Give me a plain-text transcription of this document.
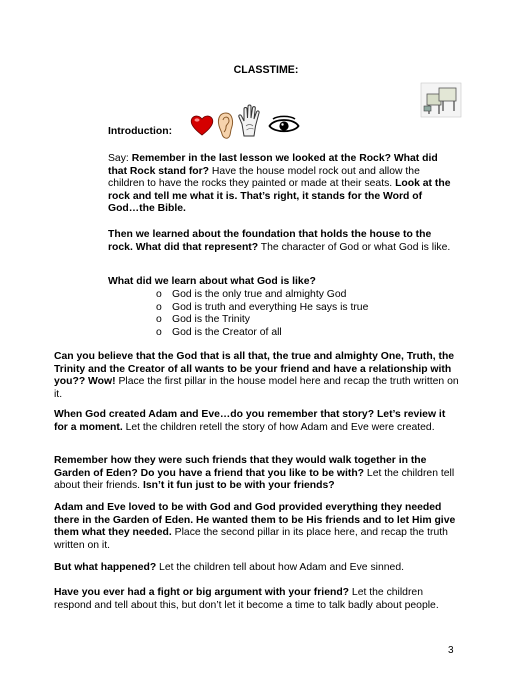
CLASSTIME:
Introduction:

Say: Remember in the last lesson we looked at the Rock? What did that Rock stand for? Have the house model rock out and allow the children to have the rocks they painted or made at their seats. Look at the rock and tell me what it is. That’s right, it stands for the Word of God…the Bible.

Then we learned about the foundation that holds the house to the rock. What did that represent? The character of God or what God is like.

What did we learn about what God is like?

o God is the only true and almighty God
o God is truth and everything He says is true
o God is the Trinity
o God is the Creator of all

Can you believe that the God that is all that, the true and almighty One, Truth, the Trinity and the Creator of all wants to be your friend and have a relationship with you?? Wow! Place the first pillar in the house model here and recap the truth written on it.

When God created Adam and Eve…do you remember that story? Let’s review it for a moment. Let the children retell the story of how Adam and Eve were created.

Remember how they were such friends that they would walk together in the Garden of Eden? Do you have a friend that you like to be with? Let the children tell about their friends. Isn’t it fun just to be with your friends?

Adam and Eve loved to be with God and God provided everything they needed there in the Garden of Eden. He wanted them to be His friends and to let Him give them what they needed. Place the second pillar in its place here, and recap the truth written on it.

But what happened? Let the children tell about how Adam and Eve sinned.

Have you ever had a fight or big argument with your friend? Let the children respond and tell about this, but don’t let it become a time to talk badly about people.

3
